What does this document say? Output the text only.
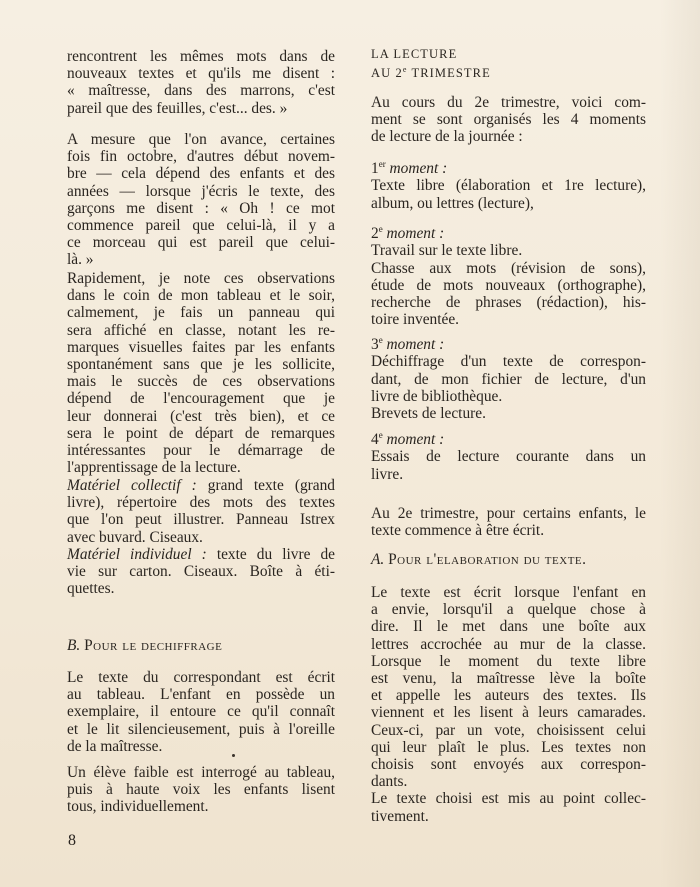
rencontrent les mêmes mots dans de
nouveaux textes et qu'ils me disent :
« maîtresse, dans des marrons, c'est
pareil que des feuilles, c'est... des. »
A mesure que l'on avance, certaines
fois fin octobre, d'autres début novem-
bre — cela dépend des enfants et des
années — lorsque j'écris le texte, des
garçons me disent : « Oh ! ce mot
commence pareil que celui-là, il y a
ce morceau qui est pareil que celui-
là. »
Rapidement, je note ces observations
dans le coin de mon tableau et le soir,
calmement, je fais un panneau qui
sera affiché en classe, notant les re-
marques visuelles faites par les enfants
spontanément sans que je les sollicite,
mais le succès de ces observations
dépend de l'encouragement que je
leur donnerai (c'est très bien), et ce
sera le point de départ de remarques
intéressantes pour le démarrage de
l'apprentissage de la lecture.
Matériel collectif : grand texte (grand
livre), répertoire des mots des textes
que l'on peut illustrer. Panneau Istrex
avec buvard. Ciseaux.
Matériel individuel : texte du livre de
vie sur carton. Ciseaux. Boîte à éti-
quettes.
B. Pour le dechiffrage
Le texte du correspondant est écrit
au tableau. L'enfant en possède un
exemplaire, il entoure ce qu'il connaît
et le lit silencieusement, puis à l'oreille
de la maîtresse.
Un élève faible est interrogé au tableau,
puis à haute voix les enfants lisent
tous, individuellement.
LA LECTURE
AU 2e TRIMESTRE
Au cours du 2e trimestre, voici com-
ment se sont organisés les 4 moments
de lecture de la journée :
1er moment :
Texte libre (élaboration et 1re lecture),
album, ou lettres (lecture),
2e moment :
Travail sur le texte libre.
Chasse aux mots (révision de sons),
étude de mots nouveaux (orthographe),
recherche de phrases (rédaction), his-
toire inventée.
3e moment :
Déchiffrage d'un texte de correspon-
dant, de mon fichier de lecture, d'un
livre de bibliothèque.
Brevets de lecture.
4e moment :
Essais de lecture courante dans un
livre.
Au 2e trimestre, pour certains enfants, le
texte commence à être écrit.
A. Pour l'elaboration du texte.
Le texte est écrit lorsque l'enfant en
a envie, lorsqu'il a quelque chose à
dire. Il le met dans une boîte aux
lettres accrochée au mur de la classe.
Lorsque le moment du texte libre
est venu, la maîtresse lève la boîte
et appelle les auteurs des textes. Ils
viennent et les lisent à leurs camarades.
Ceux-ci, par un vote, choisissent celui
qui leur plaît le plus. Les textes non
choisis sont envoyés aux correspon-
dants.
Le texte choisi est mis au point collec-
tivement.
8
